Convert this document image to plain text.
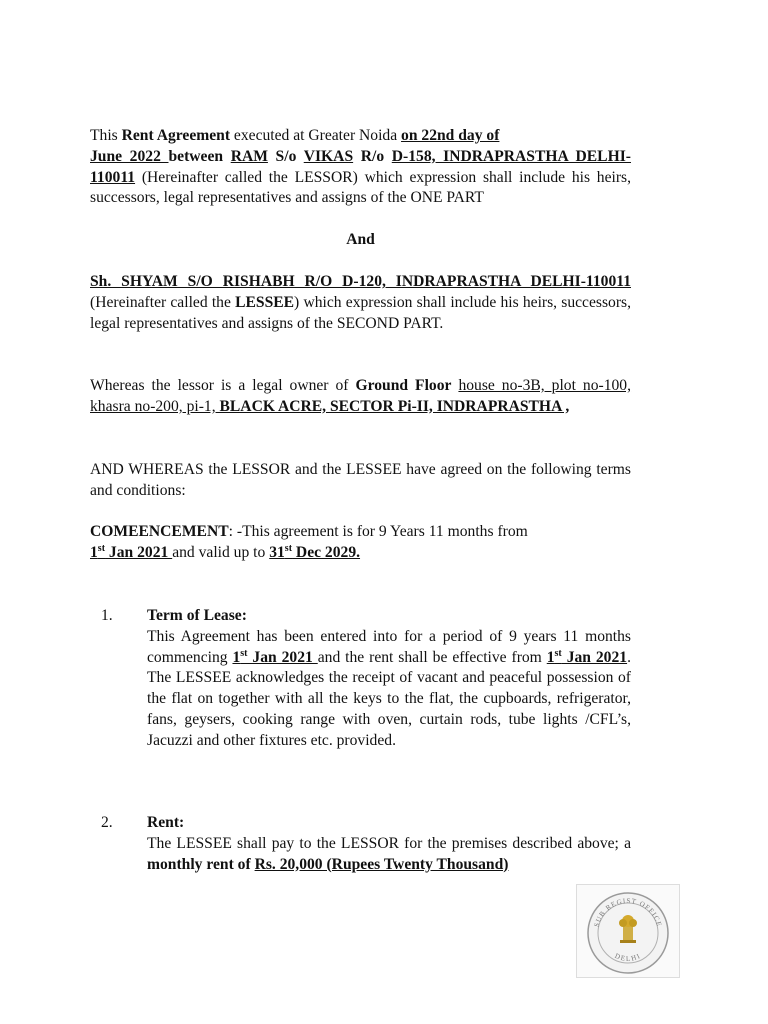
This Rent Agreement executed at Greater Noida on 22nd day of
June 2022 between RAM S/o VIKAS R/o D-158, INDRAPRASTHA DELHI-110011 (Hereinafter called the LESSOR) which expression shall include his heirs, successors, legal representatives and assigns of the ONE PART
And
Sh. SHYAM S/O RISHABH R/O D-120, INDRAPRASTHA DELHI-110011 (Hereinafter called the LESSEE) which expression shall include his heirs, successors, legal representatives and assigns of the SECOND PART.
Whereas the lessor is a legal owner of Ground Floor house no-3B, plot no-100, khasra no-200, pi-1, BLACK ACRE, SECTOR Pi-II, INDRAPRASTHA ,
AND WHEREAS the LESSOR and the LESSEE have agreed on the following terms and conditions:
COMEENCEMENT: -This agreement is for 9 Years 11 months from
1st Jan 2021 and valid up to 31st Dec 2029.
1. Term of Lease:
This Agreement has been entered into for a period of 9 years 11 months commencing 1st Jan 2021 and the rent shall be effective from 1st Jan 2021. The LESSEE acknowledges the receipt of vacant and peaceful possession of the flat on together with all the keys to the flat, the cupboards, refrigerator, fans, geysers, cooking range with oven, curtain rods, tube lights /CFL’s, Jacuzzi and other fixtures etc. provided.
2. Rent:
The LESSEE shall pay to the LESSOR for the premises described above; a monthly rent of Rs. 20,000 (Rupees Twenty Thousand)
SUB REGIST OFFICE
DELHI
